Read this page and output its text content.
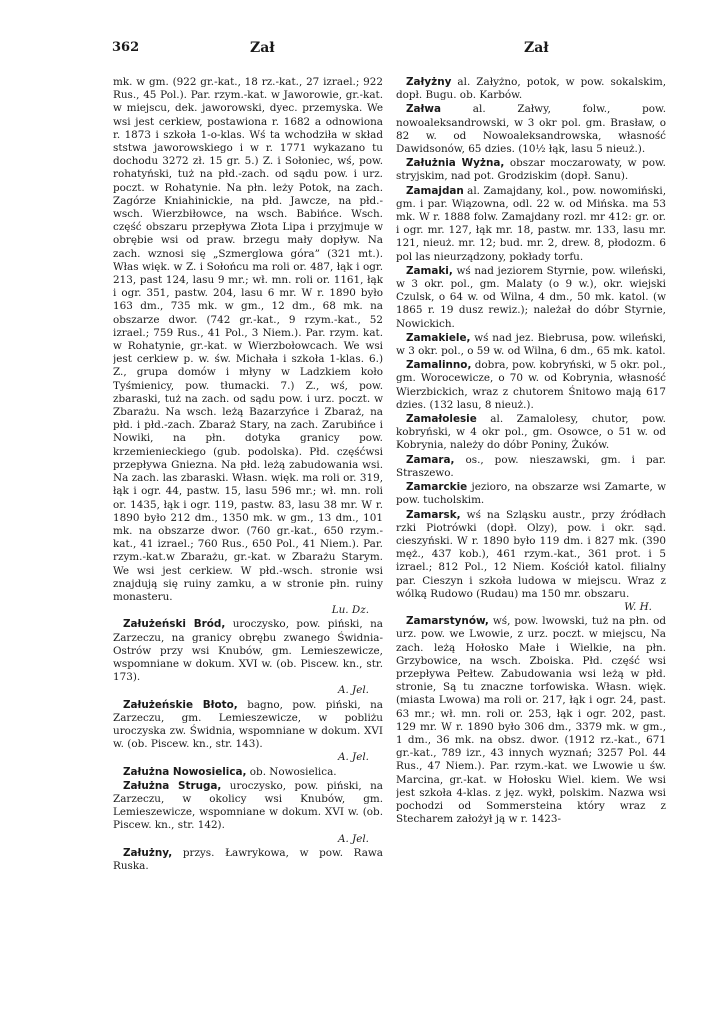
362	Zał	Zał

mk. w gm. (922 gr.-kat., 18 rz.-kat., 27 izrael.; 922 Rus., 45 Pol.). Par. rzym.-kat. w Jaworowie, gr.-kat. w miejscu, dek. jaworowski, dyec. przemyska. We wsi jest cerkiew, postawiona r. 1682 a odnowiona r. 1873 i szkoła 1-o-klas. Wś ta wchodziła w skład ststwa jaworowskiego i w r. 1771 wykazano tu dochodu 3272 zł. 15 gr. 5.) Z. i Sołoniec, wś, pow. rohatyński, tuż na płd.-zach. od sądu pow. i urz. poczt. w Rohatynie. Na płn. leży Potok, na zach. Zagórze Kniahinickie, na płd. Jawcze, na płd.-wsch. Wierzbiłowce, na wsch. Babińce. Wsch. część obszaru przepływa Złota Lipa i przyjmuje w obrębie wsi od praw. brzegu mały dopływ. Na zach. wznosi się „Szmerglowa góra” (321 mt.). Włas więk. w Z. i Sołońcu ma roli or. 487, łąk i ogr. 213, past 124, lasu 9 mr.; wł. mn. roli or. 1161, łąk i ogr. 351, pastw. 204, lasu 6 mr. W r. 1890 było 163 dm., 735 mk. w gm., 12 dm., 68 mk. na obszarze dwor. (742 gr.-kat., 9 rzym.-kat., 52 izrael.; 759 Rus., 41 Pol., 3 Niem.). Par. rzym. kat. w Rohatynie, gr.-kat. w Wierzbołowcach. We wsi jest cerkiew p. w. św. Michała i szkoła 1-klas. 6.) Z., grupa domów i młyny w Ladzkiem koło Tyśmienicy, pow. tłumacki. 7.) Z., wś, pow. zbaraski, tuż na zach. od sądu pow. i urz. poczt. w Zbarażu. Na wsch. leżą Bazarzyńce i Zbaraż, na płd. i płd.-zach. Zbaraż Stary, na zach. Zarubińce i Nowiki, na płn. dotyka granicy pow. krzemienieckiego (gub. podolska). Płd. częśćwsi przepływa Gniezna. Na płd. leżą zabudowania wsi. Na zach. las zbaraski. Własn. więk. ma roli or. 319, łąk i ogr. 44, pastw. 15, lasu 596 mr.; wł. mn. roli or. 1435, łąk i ogr. 119, pastw. 83, lasu 38 mr. W r. 1890 było 212 dm., 1350 mk. w gm., 13 dm., 101 mk. na obszarze dwor. (760 gr.-kat., 650 rzym.-kat., 41 izrael.; 760 Rus., 650 Pol., 41 Niem.). Par. rzym.-kat.w Zbarażu, gr.-kat. w Zbarażu Starym. We wsi jest cerkiew. W płd.-wsch. stronie wsi znajdują się ruiny zamku, a w stronie płn. ruiny monasteru.
Lu. Dz.

Załużeński Bród, uroczysko, pow. piński, na Zarzeczu, na granicy obrębu zwanego Świdnia-Ostrów przy wsi Knubów, gm. Lemieszewicze, wspomniane w dokum. XVI w. (ob. Piscew. kn., str. 173).
A. Jel.

Załużeńskie Błoto, bagno, pow. piński, na Zarzeczu, gm. Lemieszewicze, w pobliżu uroczyska zw. Świdnia, wspomniane w dokum. XVI w. (ob. Piscew. kn., str. 143).
A. Jel.

Załużna Nowosielica, ob. Nowosielica.

Załużna Struga, uroczysko, pow. piński, na Zarzeczu, w okolicy wsi Knubów, gm. Lemieszewicze, wspomniane w dokum. XVI w. (ob. Piscew. kn., str. 142).
A. Jel.

Załużny, przys. Ławrykowa, w pow. Rawa Ruska.

Załyżny al. Załyżno, potok, w pow. sokalskim, dopł. Bugu. ob. Karbów.

Załwa al. Załwy, folw., pow. nowoaleksandrowski, w 3 okr pol. gm. Brasław, o 82 w. od Nowoaleksandrowska, własność Dawidsonów, 65 dzies. (10½ łąk, lasu 5 nieuż.).

Załużnia Wyżna, obszar moczarowaty, w pow. stryjskim, nad pot. Grodziskim (dopł. Sanu).

Zamajdan al. Zamajdany, kol., pow. nowomiński, gm. i par. Wiązowna, odl. 22 w. od Mińska. ma 53 mk. W r. 1888 folw. Zamajdany rozl. mr 412: gr. or. i ogr. mr. 127, łąk mr. 18, pastw. mr. 133, lasu mr. 121, nieuż. mr. 12; bud. mr. 2, drew. 8, płodozm. 6 pol las nieurządzony, pokłady torfu.

Zamaki, wś nad jeziorem Styrnie, pow. wileński, w 3 okr. pol., gm. Malaty (o 9 w.), okr. wiejski Czulsk, o 64 w. od Wilna, 4 dm., 50 mk. katol. (w 1865 r. 19 dusz rewiz.); należał do dóbr Styrnie, Nowickich.

Zamakiele, wś nad jez. Biebrusa, pow. wileński, w 3 okr. pol., o 59 w. od Wilna, 6 dm., 65 mk. katol.

Zamalinno, dobra, pow. kobryński, w 5 okr. pol., gm. Worocewicze, o 70 w. od Kobrynia, własność Wierzbickich, wraz z chutorem Śnitowo mają 617 dzies. (132 lasu, 8 nieuż.).

Zamałolesie al. Zamalolesy, chutor, pow. kobryński, w 4 okr pol., gm. Osowce, o 51 w. od Kobrynia, należy do dóbr Poniny, Żuków.

Zamara, os., pow. nieszawski, gm. i par. Straszewo.

Zamarckie jezioro, na obszarze wsi Zamarte, w pow. tucholskim.

Zamarsk, wś na Szląsku austr., przy źródłach rzki Piotrówki (dopł. Olzy), pow. i okr. sąd. cieszyński. W r. 1890 było 119 dm. i 827 mk. (390 męż., 437 kob.), 461 rzym.-kat., 361 prot. i 5 izrael.; 812 Pol., 12 Niem. Kościół katol. filialny par. Cieszyn i szkoła ludowa w miejscu. Wraz z wólką Rudowo (Rudau) ma 150 mr. obszaru.
W. H.

Zamarstynów, wś, pow. lwowski, tuż na płn. od urz. pow. we Lwowie, z urz. poczt. w miejscu, Na zach. leżą Hołosko Małe i Wielkie, na płn. Grzybowice, na wsch. Zboiska. Płd. część wsi przepływa Pełtew. Zabudowania wsi leżą w płd. stronie, Są tu znaczne torfowiska. Własn. więk. (miasta Lwowa) ma roli or. 217, łąk i ogr. 24, past. 63 mr.; wł. mn. roli or. 253, łąk i ogr. 202, past. 129 mr. W r. 1890 było 306 dm., 3379 mk. w gm., 1 dm., 36 mk. na obsz. dwor. (1912 rz.-kat., 671 gr.-kat., 789 izr., 43 innych wyznań; 3257 Pol. 44 Rus., 47 Niem.). Par. rzym.-kat. we Lwowie u św. Marcina, gr.-kat. w Hołosku Wiel. kiem. We wsi jest szkoła 4-klas. z jęz. wykł, polskim. Nazwa wsi pochodzi od Sommersteina który wraz z Stecharem założył ją w r. 1423-
